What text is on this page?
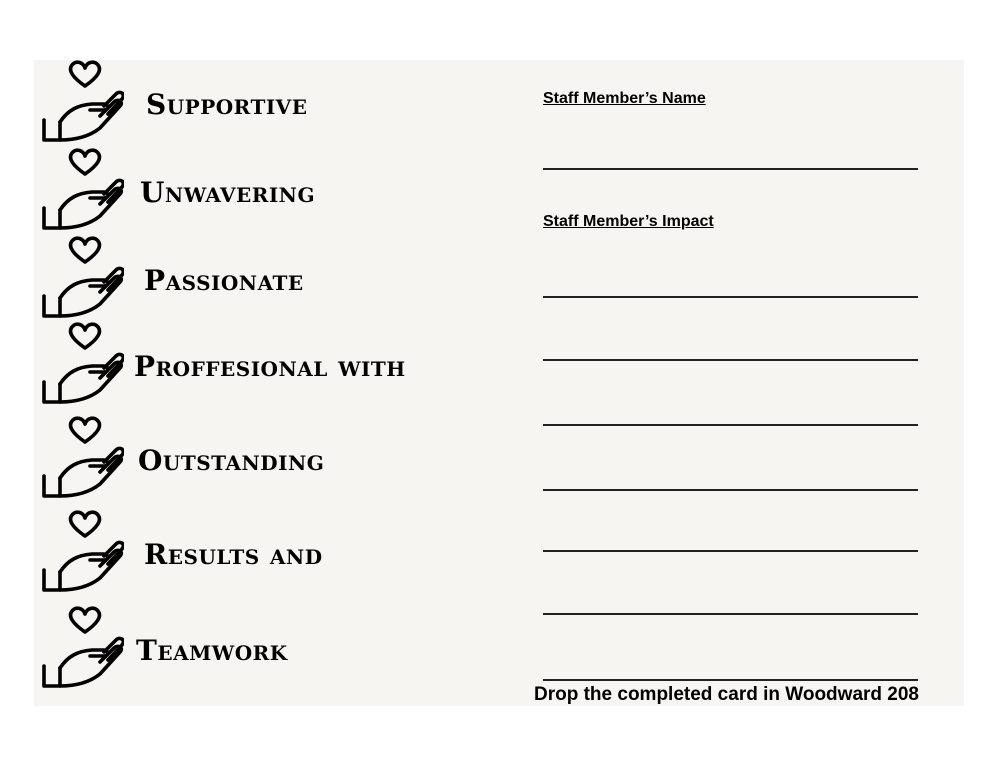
Supportive
Unwavering
Passionate
Proffesional with
Outstanding
Results and
Teamwork
Staff Member’s Name
Staff Member’s Impact
Drop the completed card in Woodward 208
